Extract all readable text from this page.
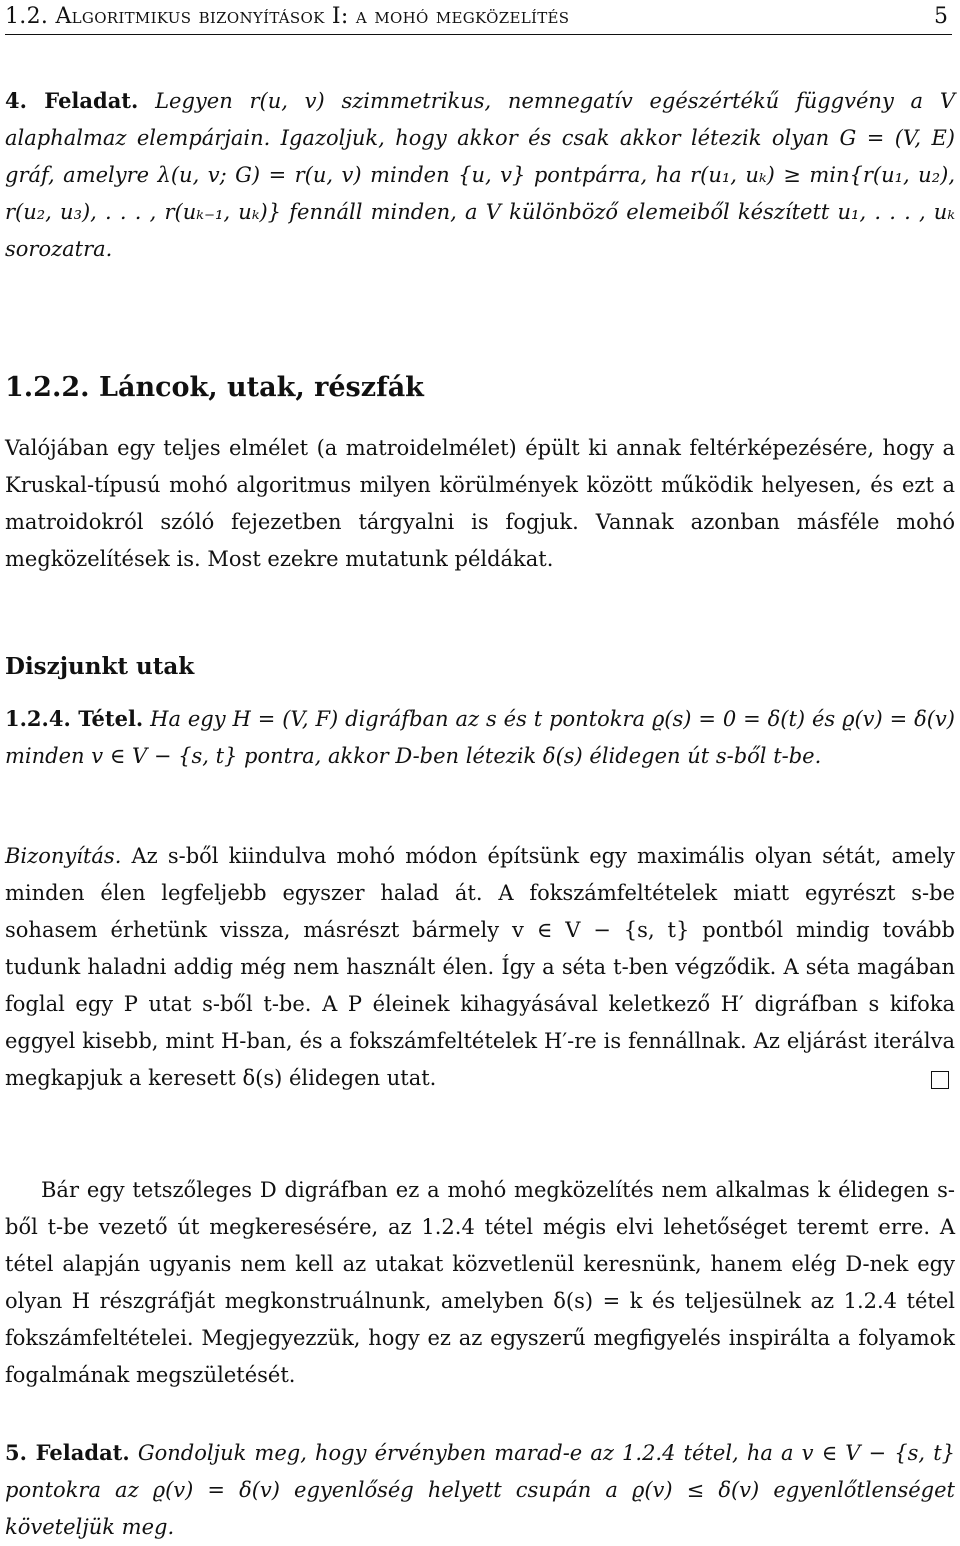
1.2. Algoritmikus bizonyítások I: a mohó megközelítés	5

4. Feladat. Legyen r(u, v) szimmetrikus, nemnegatív egészértékű függvény a V alaphalmaz elempárjain. Igazoljuk, hogy akkor és csak akkor létezik olyan G = (V, E) gráf, amelyre λ(u, v; G) = r(u, v) minden {u, v} pontpárra, ha r(u₁, uₖ) ≥ min{r(u₁, u₂), r(u₂, u₃), . . . , r(uₖ₋₁, uₖ)} fennáll minden, a V különböző elemeiből készített u₁, . . . , uₖ sorozatra.

1.2.2. Láncok, utak, részfák

Valójában egy teljes elmélet (a matroidelmélet) épült ki annak feltérképezésére, hogy a Kruskal-típusú mohó algoritmus milyen körülmények között működik helyesen, és ezt a matroidokról szóló fejezetben tárgyalni is fogjuk. Vannak azonban másféle mohó megközelítések is. Most ezekre mutatunk példákat.

Diszjunkt utak

1.2.4. Tétel. Ha egy H = (V, F) digráfban az s és t pontokra ϱ(s) = 0 = δ(t) és ϱ(v) = δ(v) minden v ∈ V − {s, t} pontra, akkor D-ben létezik δ(s) élidegen út s-ből t-be.

Bizonyítás. Az s-ből kiindulva mohó módon építsünk egy maximális olyan sétát, amely minden élen legfeljebb egyszer halad át. A fokszámfeltételek miatt egyrészt s-be sohasem érhetünk vissza, másrészt bármely v ∈ V − {s, t} pontból mindig tovább tudunk haladni addig még nem használt élen. Így a séta t-ben végződik. A séta magában foglal egy P utat s-ből t-be. A P éleinek kihagyásával keletkező H′ digráfban s kifoka eggyel kisebb, mint H-ban, és a fokszámfeltételek H′-re is fennállnak. Az eljárást iterálva megkapjuk a keresett δ(s) élidegen utat.

Bár egy tetszőleges D digráfban ez a mohó megközelítés nem alkalmas k élidegen s-ből t-be vezető út megkeresésére, az 1.2.4 tétel mégis elvi lehetőséget teremt erre. A tétel alapján ugyanis nem kell az utakat közvetlenül keresnünk, hanem elég D-nek egy olyan H részgráfját megkonstruálnunk, amelyben δ(s) = k és teljesülnek az 1.2.4 tétel fokszámfeltételei. Megjegyezzük, hogy ez az egyszerű megfigyelés inspirálta a folyamok fogalmának megszületését.

5. Feladat. Gondoljuk meg, hogy érvényben marad-e az 1.2.4 tétel, ha a v ∈ V − {s, t} pontokra az ϱ(v) = δ(v) egyenlőség helyett csupán a ϱ(v) ≤ δ(v) egyenlőtlenséget követeljük meg.
